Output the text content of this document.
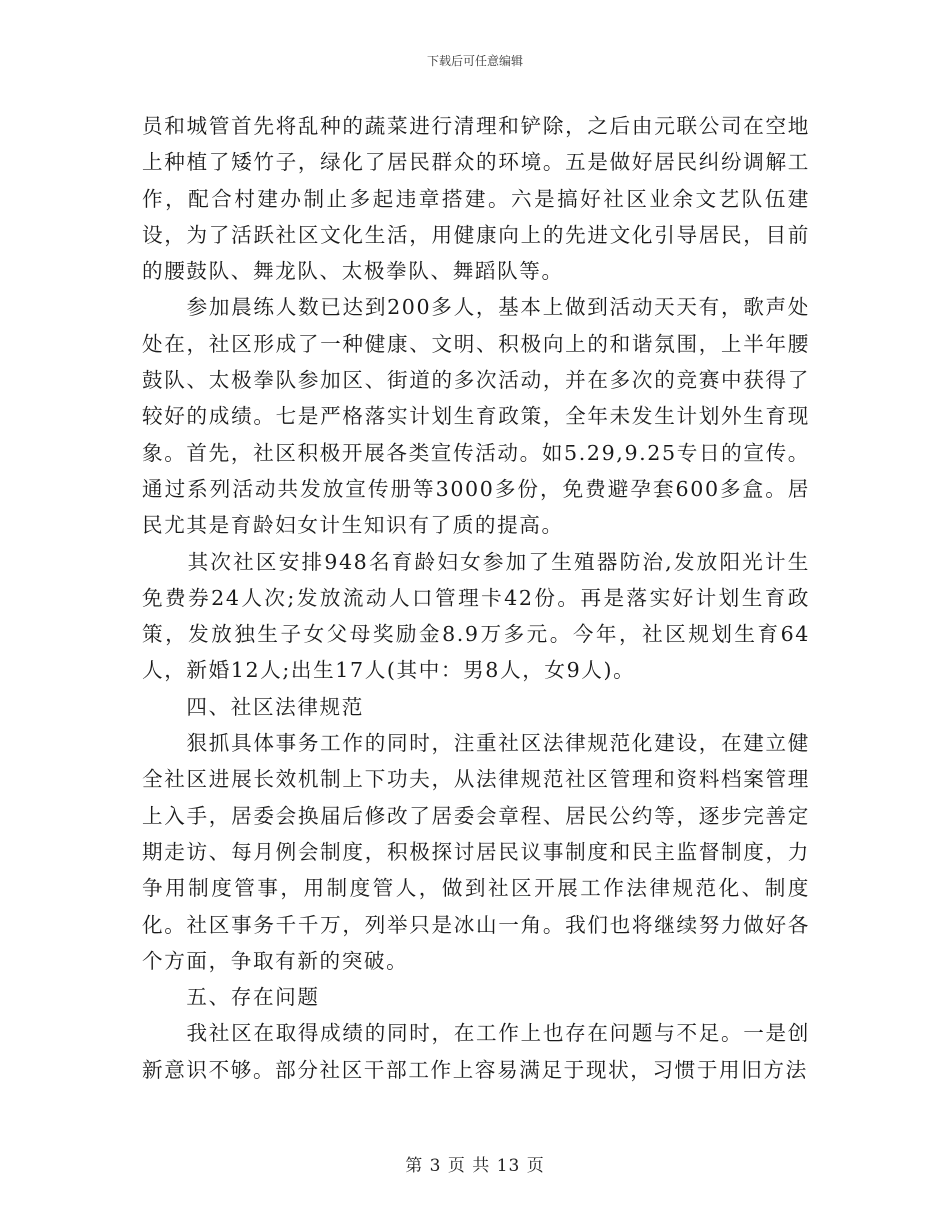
下载后可任意编辑

员和城管首先将乱种的蔬菜进行清理和铲除，之后由元联公司在空地上种植了矮竹子，绿化了居民群众的环境。五是做好居民纠纷调解工作，配合村建办制止多起违章搭建。六是搞好社区业余文艺队伍建设，为了活跃社区文化生活，用健康向上的先进文化引导居民，目前的腰鼓队、舞龙队、太极拳队、舞蹈队等。

　　参加晨练人数已达到200多人，基本上做到活动天天有，歌声处处在，社区形成了一种健康、文明、积极向上的和谐氛围，上半年腰鼓队、太极拳队参加区、街道的多次活动，并在多次的竞赛中获得了较好的成绩。七是严格落实计划生育政策，全年未发生计划外生育现象。首先，社区积极开展各类宣传活动。如5.29,9.25专日的宣传。通过系列活动共发放宣传册等3000多份，免费避孕套600多盒。居民尤其是育龄妇女计生知识有了质的提高。

　　其次社区安排948名育龄妇女参加了生殖器防治,发放阳光计生免费券24人次;发放流动人口管理卡42份。再是落实好计划生育政策，发放独生子女父母奖励金8.9万多元。今年，社区规划生育64人，新婚12人;出生17人(其中：男8人，女9人)。

　　四、社区法律规范

　　狠抓具体事务工作的同时，注重社区法律规范化建设，在建立健全社区进展长效机制上下功夫，从法律规范社区管理和资料档案管理上入手，居委会换届后修改了居委会章程、居民公约等，逐步完善定期走访、每月例会制度，积极探讨居民议事制度和民主监督制度，力争用制度管事，用制度管人，做到社区开展工作法律规范化、制度化。社区事务千千万，列举只是冰山一角。我们也将继续努力做好各个方面，争取有新的突破。

　　五、存在问题

　　我社区在取得成绩的同时，在工作上也存在问题与不足。一是创新意识不够。部分社区干部工作上容易满足于现状，习惯于用旧方法

第 3 页 共 13 页
